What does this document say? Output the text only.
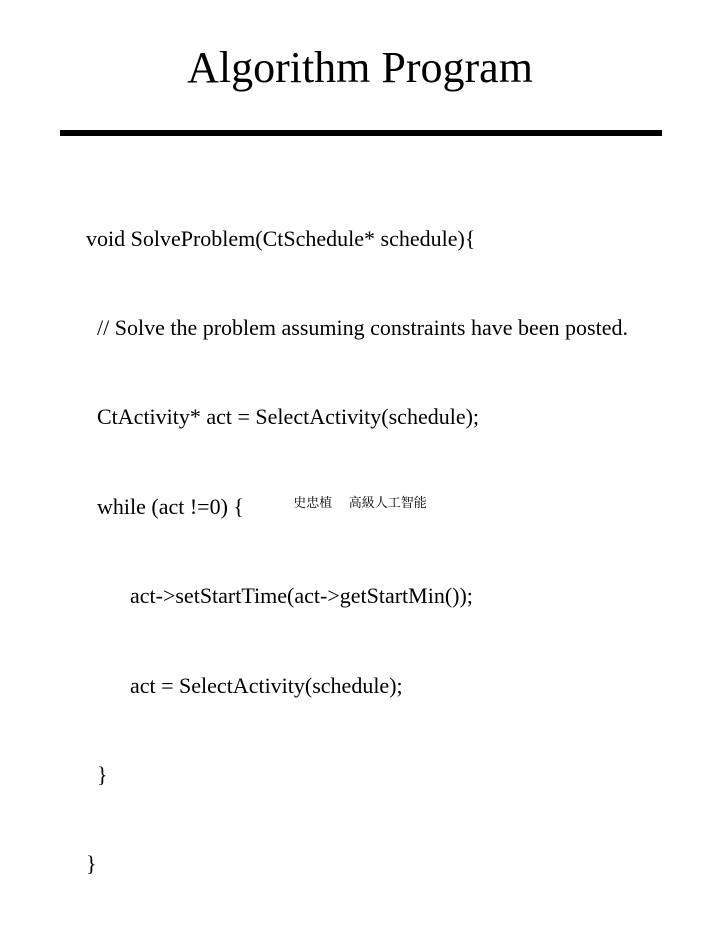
Algorithm Program

void SolveProblem(CtSchedule* schedule){

// Solve the problem assuming constraints have been posted.

CtActivity* act = SelectActivity(schedule);

while (act !=0) {

act->setStartTime(act->getStartMin());

act = SelectActivity(schedule);

}

}

史忠植    高級人工智能
